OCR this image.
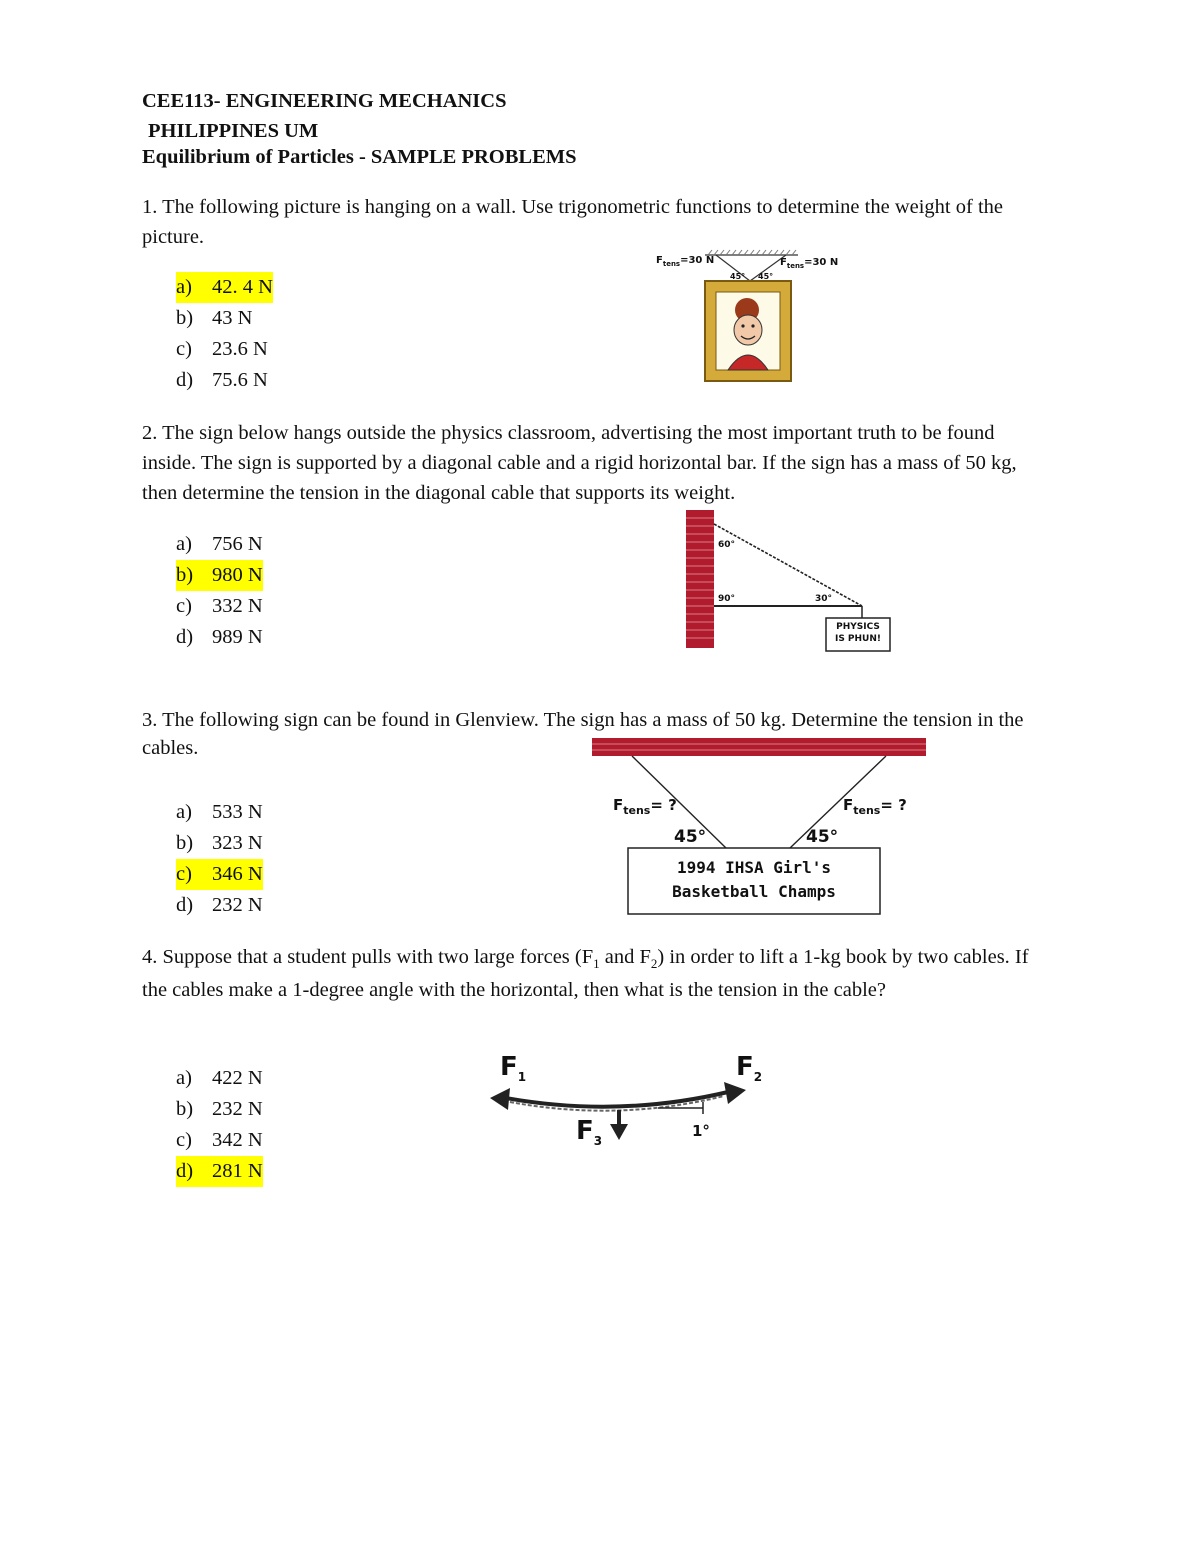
CEE113- ENGINEERING MECHANICS
PHILIPPINES UM
Equilibrium of Particles - SAMPLE PROBLEMS
1. The following picture is hanging on a wall. Use trigonometric functions to determine the weight of the picture.
a) 42. 4 N
b) 43 N
c) 23.6 N
d) 75.6 N
$F_{tens}=30$ N	$F_{tens}=30$ N
45° 45°
2. The sign below hangs outside the physics classroom, advertising the most important truth to be found inside. The sign is supported by a diagonal cable and a rigid horizontal bar. If the sign has a mass of 50 kg, then determine the tension in the diagonal cable that supports its weight.
a) 756 N
b) 980 N
c) 332 N
d) 989 N
60°
90°	30°
PHYSICS
IS PHUN!
3. The following sign can be found in Glenview. The sign has a mass of 50 kg. Determine the tension in the cables.
a) 533 N
b) 323 N
c) 346 N
d) 232 N
$F_{tens}=$ ?	$F_{tens}=$ ?
45°	45°
1994 IHSA Girl's
Basketball Champs
4. Suppose that a student pulls with two large forces ($F_1$ and $F_2$) in order to lift a 1-kg book by two cables. If the cables make a 1-degree angle with the horizontal, then what is the tension in the cable?
a) 422 N
b) 232 N
c) 342 N
d) 281 N
$F_1$	$F_2$
$F_3$
1°
